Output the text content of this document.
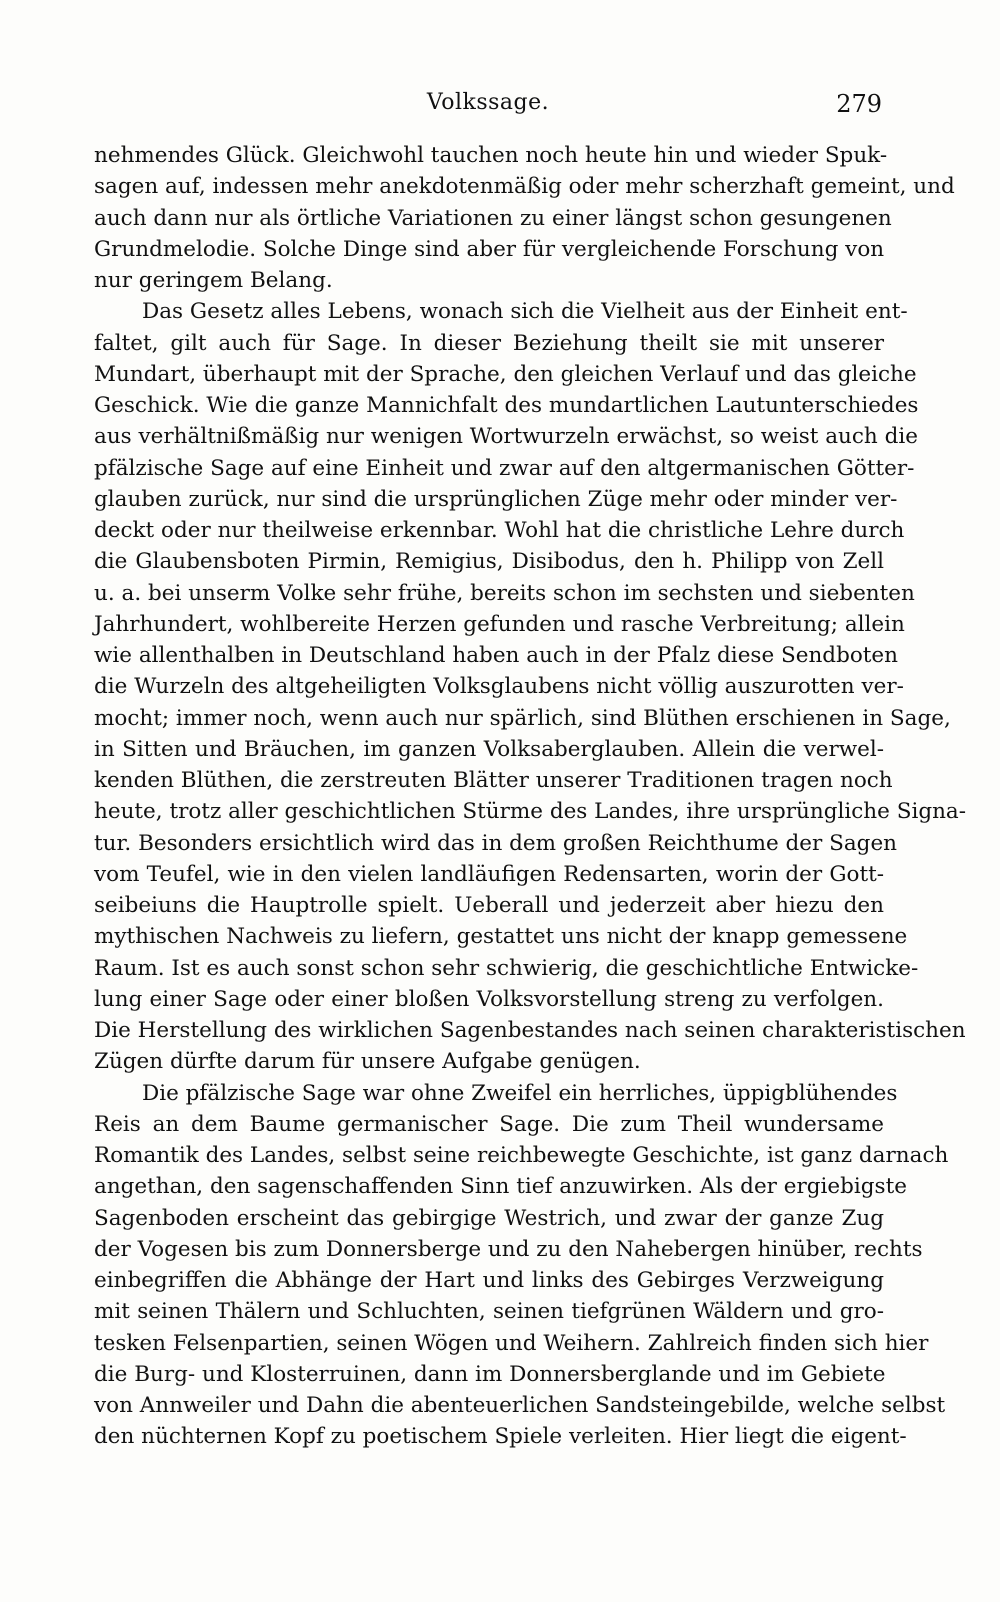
Volkssage.	279
nehmendes Glück. Gleichwohl tauchen noch heute hin und wieder Spuk-
sagen auf, indessen mehr anekdotenmäßig oder mehr scherzhaft gemeint, und
auch dann nur als örtliche Variationen zu einer längst schon gesungenen
Grundmelodie. Solche Dinge sind aber für vergleichende Forschung von
nur geringem Belang.
Das Gesetz alles Lebens, wonach sich die Vielheit aus der Einheit ent-
faltet, gilt auch für Sage. In dieser Beziehung theilt sie mit unserer
Mundart, überhaupt mit der Sprache, den gleichen Verlauf und das gleiche
Geschick. Wie die ganze Mannichfalt des mundartlichen Lautunterschiedes
aus verhältnißmäßig nur wenigen Wortwurzeln erwächst, so weist auch die
pfälzische Sage auf eine Einheit und zwar auf den altgermanischen Götter-
glauben zurück, nur sind die ursprünglichen Züge mehr oder minder ver-
deckt oder nur theilweise erkennbar. Wohl hat die christliche Lehre durch
die Glaubensboten Pirmin, Remigius, Disibodus, den h. Philipp von Zell
u. a. bei unserm Volke sehr frühe, bereits schon im sechsten und siebenten
Jahrhundert, wohlbereite Herzen gefunden und rasche Verbreitung; allein
wie allenthalben in Deutschland haben auch in der Pfalz diese Sendboten
die Wurzeln des altgeheiligten Volksglaubens nicht völlig auszurotten ver-
mocht; immer noch, wenn auch nur spärlich, sind Blüthen erschienen in Sage,
in Sitten und Bräuchen, im ganzen Volksaberglauben. Allein die verwel-
kenden Blüthen, die zerstreuten Blätter unserer Traditionen tragen noch
heute, trotz aller geschichtlichen Stürme des Landes, ihre ursprüngliche Signa-
tur. Besonders ersichtlich wird das in dem großen Reichthume der Sagen
vom Teufel, wie in den vielen landläufigen Redensarten, worin der Gott-
seibeiuns die Hauptrolle spielt. Ueberall und jederzeit aber hiezu den
mythischen Nachweis zu liefern, gestattet uns nicht der knapp gemessene
Raum. Ist es auch sonst schon sehr schwierig, die geschichtliche Entwicke-
lung einer Sage oder einer bloßen Volksvorstellung streng zu verfolgen.
Die Herstellung des wirklichen Sagenbestandes nach seinen charakteristischen
Zügen dürfte darum für unsere Aufgabe genügen.
Die pfälzische Sage war ohne Zweifel ein herrliches, üppigblühendes
Reis an dem Baume germanischer Sage. Die zum Theil wundersame
Romantik des Landes, selbst seine reichbewegte Geschichte, ist ganz darnach
angethan, den sagenschaffenden Sinn tief anzuwirken. Als der ergiebigste
Sagenboden erscheint das gebirgige Westrich, und zwar der ganze Zug
der Vogesen bis zum Donnersberge und zu den Nahebergen hinüber, rechts
einbegriffen die Abhänge der Hart und links des Gebirges Verzweigung
mit seinen Thälern und Schluchten, seinen tiefgrünen Wäldern und gro-
tesken Felsenpartien, seinen Wögen und Weihern. Zahlreich finden sich hier
die Burg- und Klosterruinen, dann im Donnersberglande und im Gebiete
von Annweiler und Dahn die abenteuerlichen Sandsteingebilde, welche selbst
den nüchternen Kopf zu poetischem Spiele verleiten. Hier liegt die eigent-
